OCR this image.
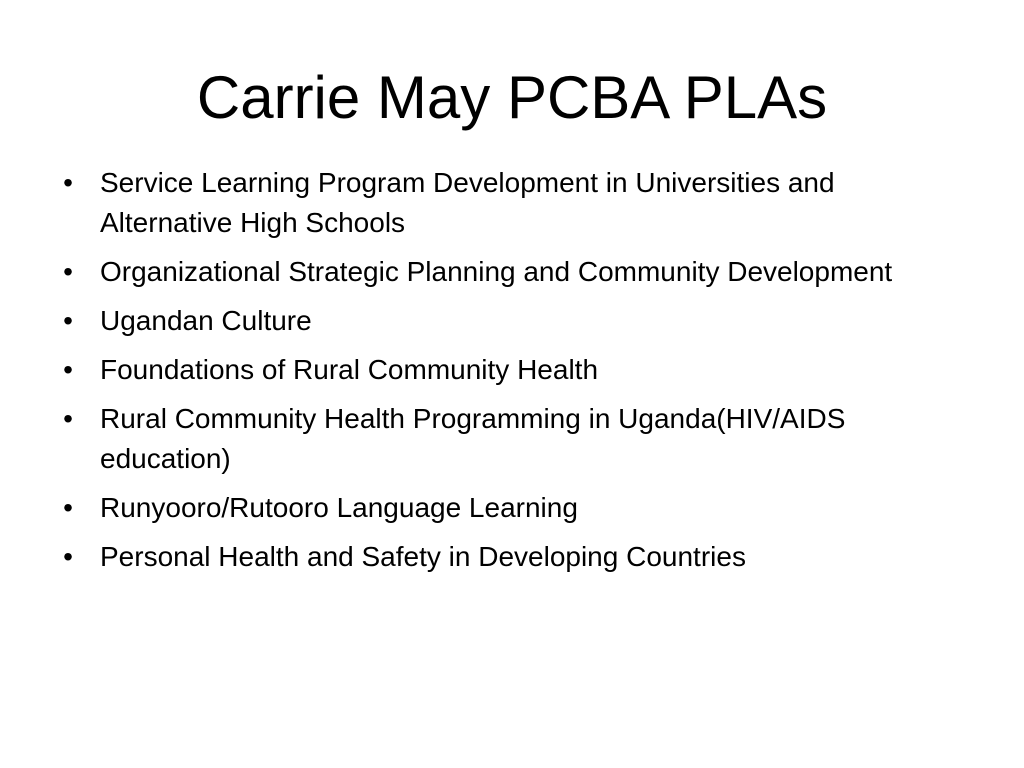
Carrie May PCBA PLAs
• Service Learning Program Development in Universities and Alternative High Schools
• Organizational Strategic Planning and Community Development
• Ugandan Culture
• Foundations of Rural Community Health
• Rural Community Health Programming in Uganda(HIV/AIDS education)
• Runyooro/Rutooro Language Learning
• Personal Health and Safety in Developing Countries
